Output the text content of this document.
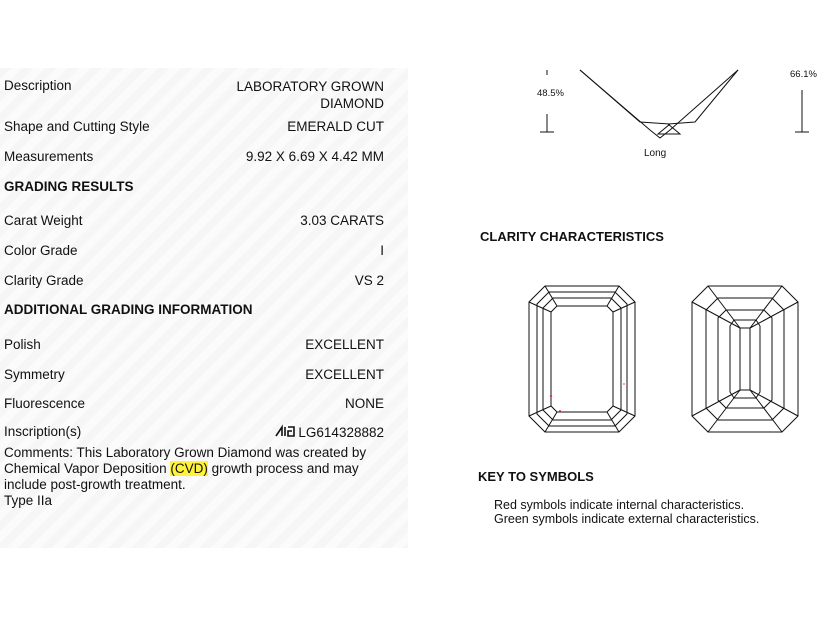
Description	LABORATORY GROWN
DIAMOND
Shape and Cutting Style	EMERALD CUT
Measurements	9.92 X 6.69 X 4.42 MM
GRADING RESULTS
Carat Weight	3.03 CARATS
Color Grade	I
Clarity Grade	VS 2
ADDITIONAL GRADING INFORMATION
Polish	EXCELLENT
Symmetry	EXCELLENT
Fluorescence	NONE
Inscription(s)	LG614328882
Comments: This Laboratory Grown Diamond was created by Chemical Vapor Deposition (CVD) growth process and may include post-growth treatment.
Type IIa
48.5%
66.1%
Long
CLARITY CHARACTERISTICS
KEY TO SYMBOLS
Red symbols indicate internal characteristics.
Green symbols indicate external characteristics.
